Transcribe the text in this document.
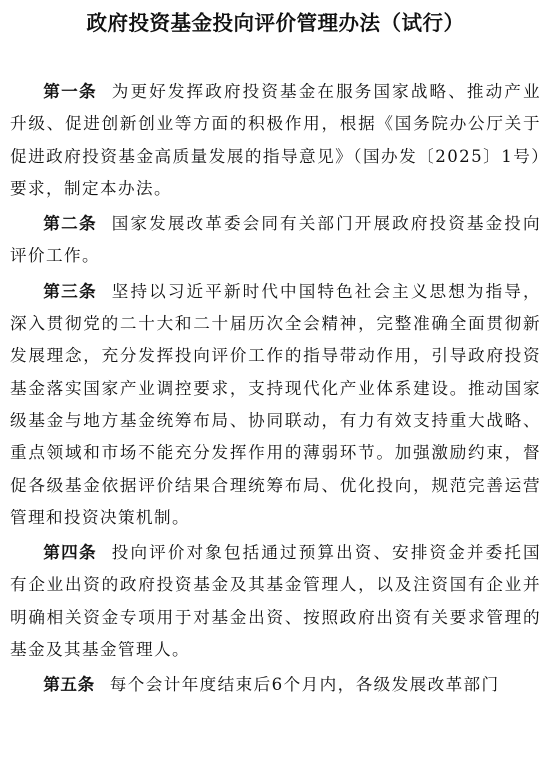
政府投资基金投向评价管理办法（试行）

第一条 为更好发挥政府投资基金在服务国家战略、推动产业升级、促进创新创业等方面的积极作用，根据《国务院办公厅关于促进政府投资基金高质量发展的指导意见》（国办发〔2025〕1号）要求，制定本办法。

第二条 国家发展改革委会同有关部门开展政府投资基金投向评价工作。

第三条 坚持以习近平新时代中国特色社会主义思想为指导，深入贯彻党的二十大和二十届历次全会精神，完整准确全面贯彻新发展理念，充分发挥投向评价工作的指导带动作用，引导政府投资基金落实国家产业调控要求，支持现代化产业体系建设。推动国家级基金与地方基金统筹布局、协同联动，有力有效支持重大战略、重点领域和市场不能充分发挥作用的薄弱环节。加强激励约束，督促各级基金依据评价结果合理统筹布局、优化投向，规范完善运营管理和投资决策机制。

第四条 投向评价对象包括通过预算出资、安排资金并委托国有企业出资的政府投资基金及其基金管理人，以及注资国有企业并明确相关资金专项用于对基金出资、按照政府出资有关要求管理的基金及其基金管理人。

第五条 每个会计年度结束后6个月内，各级发展改革部门
